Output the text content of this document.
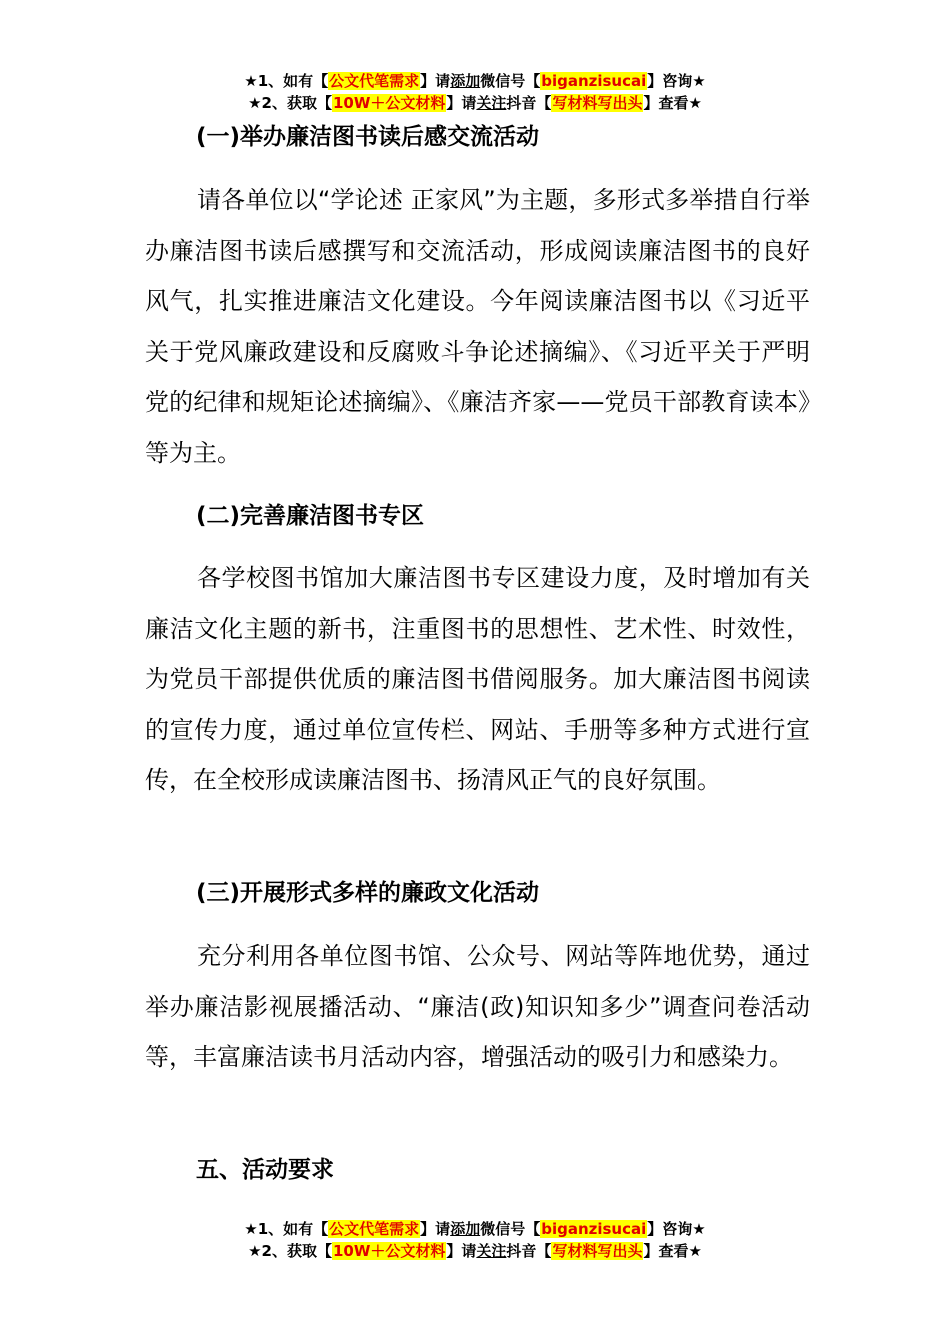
★1、如有【公文代笔需求】请添加微信号【biganzisucai】咨询★
★2、获取【10W＋公文材料】请关注抖音【写材料写出头】查看★
(一)举办廉洁图书读后感交流活动
请各单位以“学论述 正家风”为主题，多形式多举措自行举办廉洁图书读后感撰写和交流活动，形成阅读廉洁图书的良好风气，扎实推进廉洁文化建设。今年阅读廉洁图书以《习近平关于党风廉政建设和反腐败斗争论述摘编》、《习近平关于严明党的纪律和规矩论述摘编》、《廉洁齐家——党员干部教育读本》等为主。
(二)完善廉洁图书专区
各学校图书馆加大廉洁图书专区建设力度，及时增加有关廉洁文化主题的新书，注重图书的思想性、艺术性、时效性，为党员干部提供优质的廉洁图书借阅服务。加大廉洁图书阅读的宣传力度，通过单位宣传栏、网站、手册等多种方式进行宣传，在全校形成读廉洁图书、扬清风正气的良好氛围。
(三)开展形式多样的廉政文化活动
充分利用各单位图书馆、公众号、网站等阵地优势，通过举办廉洁影视展播活动、“廉洁(政)知识知多少”调查问卷活动等，丰富廉洁读书月活动内容，增强活动的吸引力和感染力。
五、活动要求
★1、如有【公文代笔需求】请添加微信号【biganzisucai】咨询★
★2、获取【10W＋公文材料】请关注抖音【写材料写出头】查看★
